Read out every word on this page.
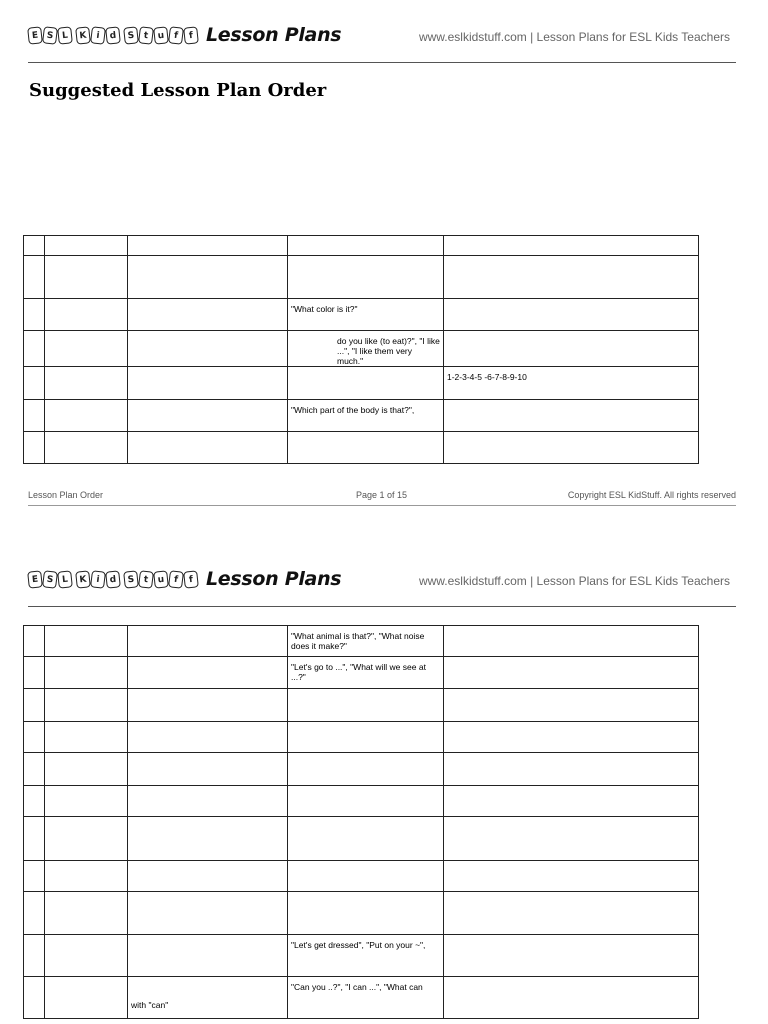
E S L	K i	d	S t u f	f Lesson Plans	www.eslkidstuff.com | Lesson Plans for ESL Kids Teachers
Suggested Lesson Plan Order

			"What color is it?"	

			do you like (to eat)?", "I like ...", "I like them very much."	

				1-2-3-4-5 -6-7-8-9-10

			"Which part of the body is that?",	

Lesson Plan Order	Page 1 of 15	Copyright ESL KidStuff. All rights reserved
E S L	K i	d	S t u f	f Lesson Plans	www.eslkidstuff.com | Lesson Plans for ESL Kids Teachers

			"What animal is that?", "What noise does it make?"	

			"Let's go to ...", "What will we see at ...?"	

			"Let's get dressed", "Put on your ~",	

		with "can"	"Can you ..?", "I can ...", "What can	
